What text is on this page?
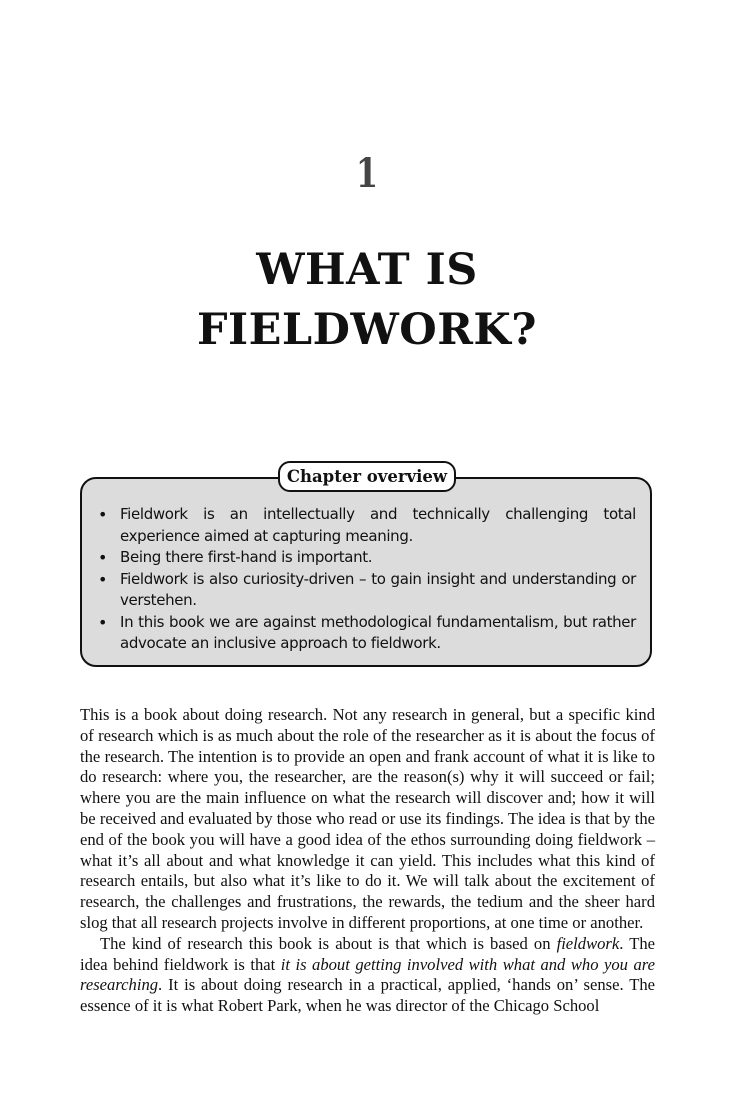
1
WHAT IS
FIELDWORK?
Chapter overview
• Fieldwork is an intellectually and technically challenging total experience aimed at capturing meaning.
• Being there first-hand is important.
• Fieldwork is also curiosity-driven – to gain insight and understanding or verstehen.
• In this book we are against methodological fundamentalism, but rather advocate an inclusive approach to fieldwork.

This is a book about doing research. Not any research in general, but a specific kind of research which is as much about the role of the researcher as it is about the focus of the research. The intention is to provide an open and frank account of what it is like to do research: where you, the researcher, are the reason(s) why it will succeed or fail; where you are the main influence on what the research will discover and; how it will be received and evaluated by those who read or use its findings. The idea is that by the end of the book you will have a good idea of the ethos surrounding doing fieldwork – what it’s all about and what knowledge it can yield. This includes what this kind of research entails, but also what it’s like to do it. We will talk about the excitement of research, the challenges and frustrations, the rewards, the tedium and the sheer hard slog that all research projects involve in different proportions, at one time or another.

The kind of research this book is about is that which is based on fieldwork. The idea behind fieldwork is that it is about getting involved with what and who you are researching. It is about doing research in a practical, applied, ‘hands on’ sense. The essence of it is what Robert Park, when he was director of the Chicago School
